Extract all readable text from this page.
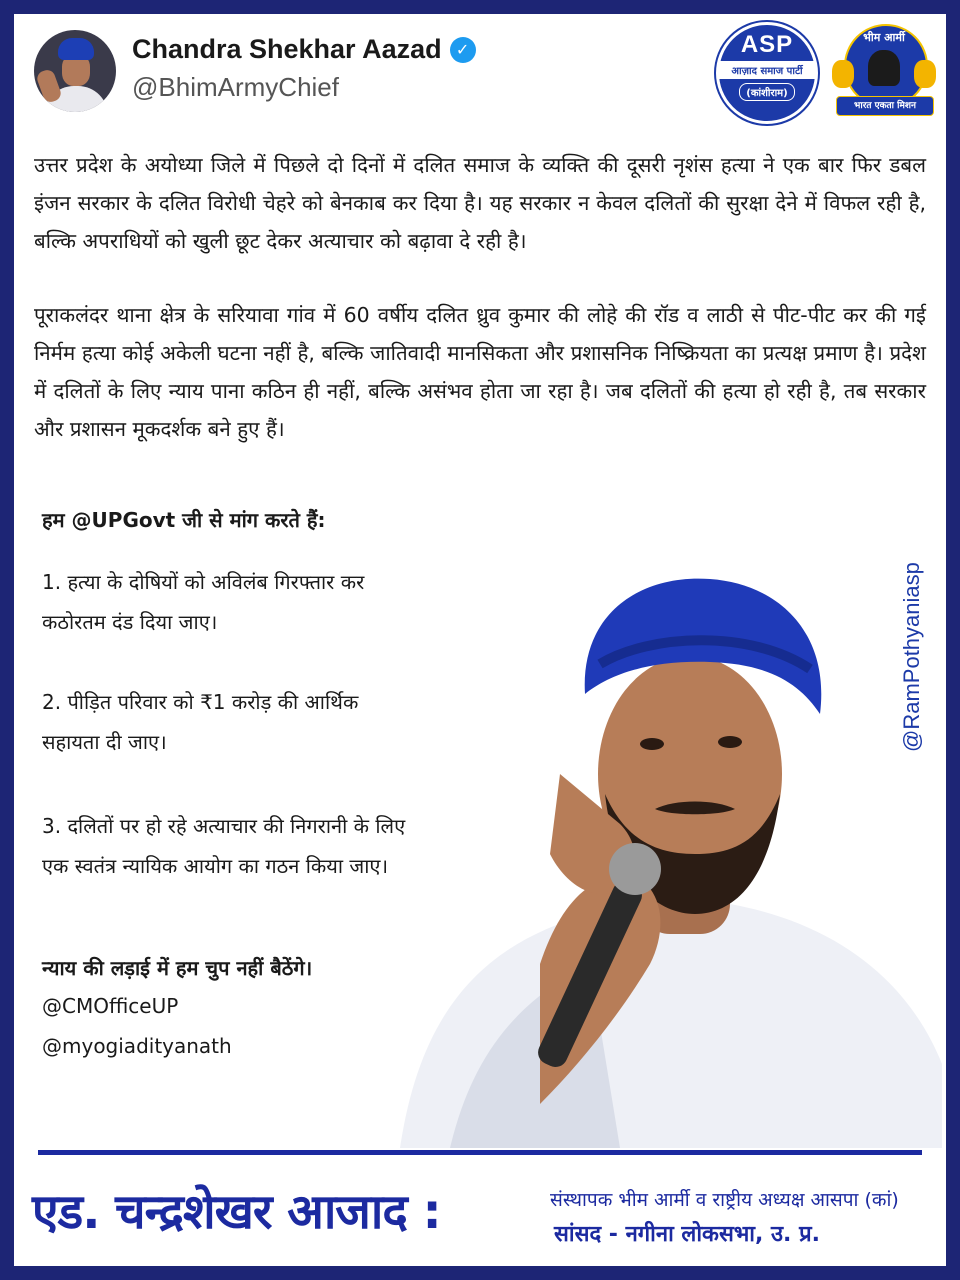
Chandra Shekhar Aazad ✓
@BhimArmyChief
ASP
आज़ाद समाज पार्टी
(कांशीराम)
भीम आर्मी
भारत एकता मिशन
उत्तर प्रदेश के अयोध्या जिले में पिछले दो दिनों में दलित समाज के व्यक्ति की दूसरी नृशंस हत्या ने एक बार फिर डबल इंजन सरकार के दलित विरोधी चेहरे को बेनकाब कर दिया है। यह सरकार न केवल दलितों की सुरक्षा देने में विफल रही है, बल्कि अपराधियों को खुली छूट देकर अत्याचार को बढ़ावा दे रही है।
पूराकलंदर थाना क्षेत्र के सरियावा गांव में 60 वर्षीय दलित ध्रुव कुमार की लोहे की रॉड व लाठी से पीट-पीट कर की गई निर्मम हत्या कोई अकेली घटना नहीं है, बल्कि जातिवादी मानसिकता और प्रशासनिक निष्क्रियता का प्रत्यक्ष प्रमाण है। प्रदेश में दलितों के लिए न्याय पाना कठिन ही नहीं, बल्कि असंभव होता जा रहा है। जब दलितों की हत्या हो रही है, तब सरकार और प्रशासन मूकदर्शक बने हुए हैं।
हम @UPGovt जी से मांग करते हैं:
1. हत्या के दोषियों को अविलंब गिरफ्तार कर कठोरतम दंड दिया जाए।
2. पीड़ित परिवार को ₹1 करोड़ की आर्थिक सहायता दी जाए।
3. दलितों पर हो रहे अत्याचार की निगरानी के लिए एक स्वतंत्र न्यायिक आयोग का गठन किया जाए।
न्याय की लड़ाई में हम चुप नहीं बैठेंगे।
@CMOfficeUP
@myogiadityanath
@RamPothyaniasp
एड. चन्द्रशेखर आजाद :	संस्थापक भीम आर्मी व राष्ट्रीय अध्यक्ष आसपा (कां)
सांसद - नगीना लोकसभा, उ. प्र.
